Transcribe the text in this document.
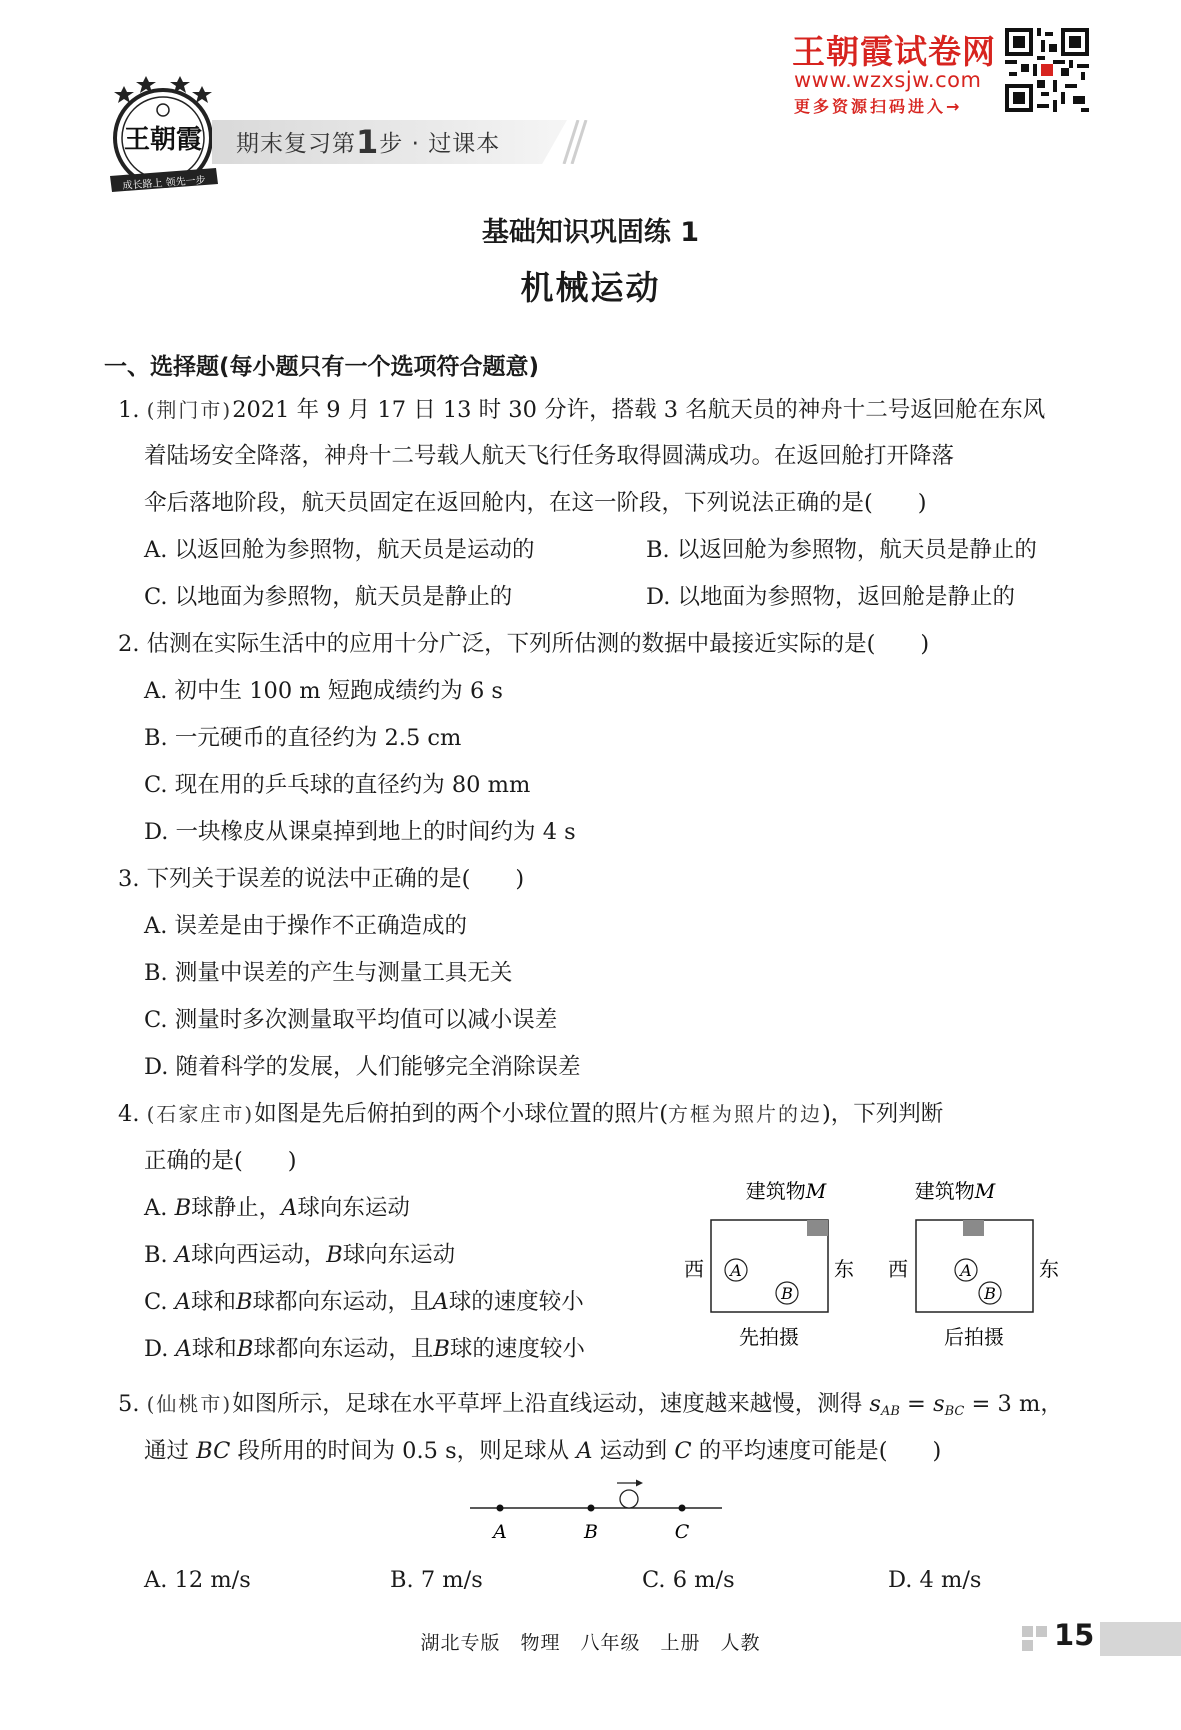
王朝霞
成长路上 领先一步
期末复习第1步 · 过课本
王朝霞试卷网
www.wzxsjw.com
更多资源扫码进入→
基础知识巩固练 1
机械运动
一、选择题(每小题只有一个选项符合题意)
1. (荆门市)2021 年 9 月 17 日 13 时 30 分许，搭载 3 名航天员的神舟十二号返回舱在东风
着陆场安全降落，神舟十二号载人航天飞行任务取得圆满成功。在返回舱打开降落
伞后落地阶段，航天员固定在返回舱内，在这一阶段，下列说法正确的是(　　)
A. 以返回舱为参照物，航天员是运动的	B. 以返回舱为参照物，航天员是静止的
C. 以地面为参照物，航天员是静止的	D. 以地面为参照物，返回舱是静止的
2. 估测在实际生活中的应用十分广泛，下列所估测的数据中最接近实际的是(　　)
A. 初中生 100 m 短跑成绩约为 6 s
B. 一元硬币的直径约为 2.5 cm
C. 现在用的乒乓球的直径约为 80 mm
D. 一块橡皮从课桌掉到地上的时间约为 4 s
3. 下列关于误差的说法中正确的是(　　)
A. 误差是由于操作不正确造成的
B. 测量中误差的产生与测量工具无关
C. 测量时多次测量取平均值可以减小误差
D. 随着科学的发展，人们能够完全消除误差
4. (石家庄市)如图是先后俯拍到的两个小球位置的照片(方框为照片的边)，下列判断
正确的是(　　)
A. B球静止，A球向东运动
B. A球向西运动，B球向东运动
C. A球和B球都向东运动，且A球的速度较小
D. A球和B球都向东运动，且B球的速度较小
建筑物M
西	东
A
B
先拍摄
建筑物M
西	东
A
B
后拍摄
5. (仙桃市)如图所示，足球在水平草坪上沿直线运动，速度越来越慢，测得 $s_{AB} = s_{BC} = 3$ m，
通过 BC 段所用的时间为 0.5 s，则足球从 A 运动到 C 的平均速度可能是(　　)
A	B	C
A. 12 m/s	B. 7 m/s	C. 6 m/s	D. 4 m/s
湖北专版　物理　八年级　上册　人教	15
